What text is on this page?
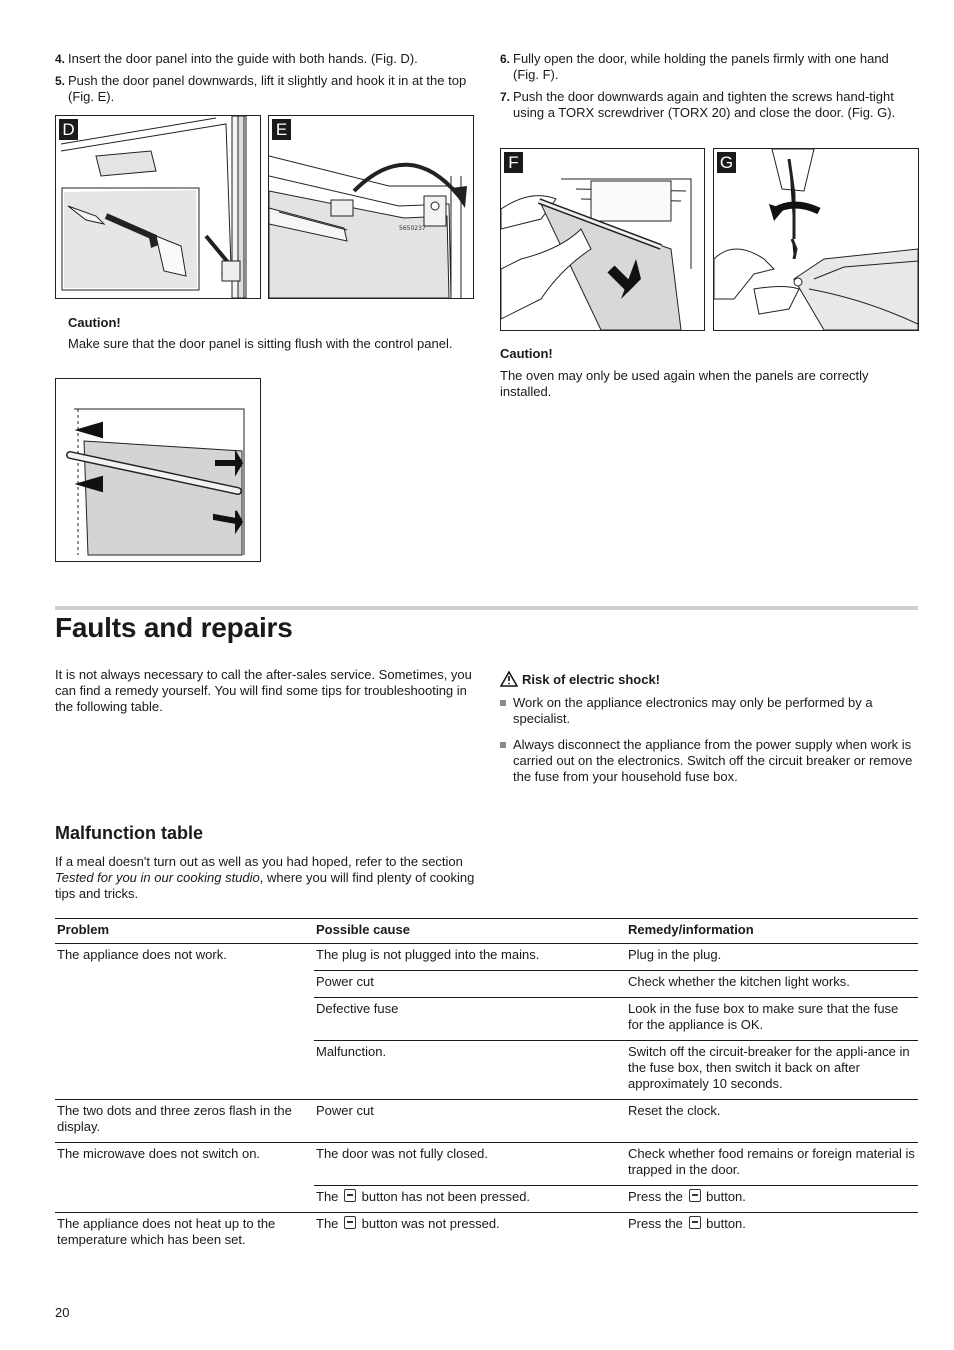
4. Insert the door panel into the guide with both hands. (Fig. D).
5. Push the door panel downwards, lift it slightly and hook it in at the top (Fig. E).
6. Fully open the door, while holding the panels firmly with one hand (Fig. F).
7. Push the door downwards again and tighten the screws hand-tight using a TORX screwdriver (TORX 20) and close the door. (Fig. G).
D
5650237
E
Caution!
Make sure that the door panel is sitting flush with the control panel.
F	G
Caution!
The oven may only be used again when the panels are correctly installed.
Faults and repairs
It is not always necessary to call the after-sales service. Sometimes, you can find a remedy yourself. You will find some tips for troubleshooting in the following table.
Risk of electric shock!
Work on the appliance electronics may only be performed by a specialist.
Always disconnect the appliance from the power supply when work is carried out on the electronics. Switch off the circuit breaker or remove the fuse from your household fuse box.
Malfunction table
If a meal doesn't turn out as well as you had hoped, refer to the section Tested for you in our cooking studio, where you will find plenty of cooking tips and tricks.
Problem	Possible cause	Remedy/information
The appliance does not work.	The plug is not plugged into the mains.	Plug in the plug.
	Power cut	Check whether the kitchen light works.
	Defective fuse	Look in the fuse box to make sure that the fuse for the appliance is OK.
	Malfunction.	Switch off the circuit-breaker for the appli-ance in the fuse box, then switch it back on after approximately 10 seconds.
The two dots and three zeros flash in the display.	Power cut	Reset the clock.
The microwave does not switch on.	The door was not fully closed.	Check whether food remains or foreign material is trapped in the door.
	The  button has not been pressed.	Press the  button.
The appliance does not heat up to the temperature which has been set.	The  button was not pressed.	Press the  button.
20
